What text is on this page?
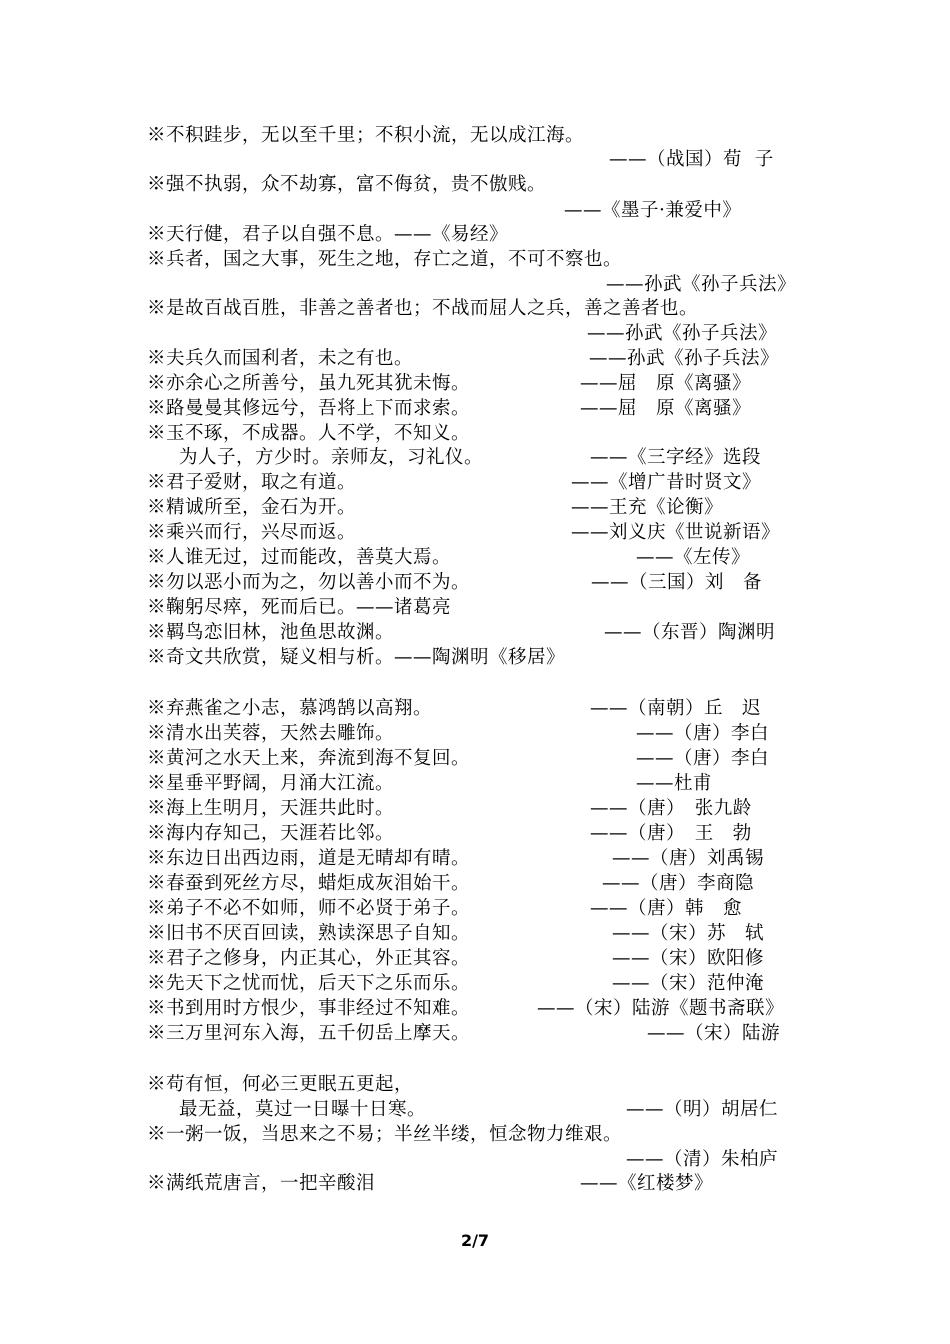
※不积跬步，无以至千里；不积小流，无以成江海。
——（战国）荀  子
※强不执弱，众不劫寡，富不侮贫，贵不傲贱。
——《墨子·兼爱中》
※天行健，君子以自强不息。——《易经》
※兵者，国之大事，死生之地，存亡之道，不可不察也。
——孙武《孙子兵法》
※是故百战百胜，非善之善者也；不战而屈人之兵，善之善者也。
——孙武《孙子兵法》
※夫兵久而国利者，未之有也。	——孙武《孙子兵法》
※亦余心之所善兮，虽九死其犹未悔。	——屈　原《离骚》
※路曼曼其修远兮，吾将上下而求索。	——屈　原《离骚》
※玉不琢，不成器。人不学，不知义。
为人子，方少时。亲师友，习礼仪。	——《三字经》选段
※君子爱财，取之有道。	——《增广昔时贤文》
※精诚所至，金石为开。	——王充《论衡》
※乘兴而行，兴尽而返。	——刘义庆《世说新语》
※人谁无过，过而能改，善莫大焉。	——《左传》
※勿以恶小而为之，勿以善小而不为。	——（三国）刘　备
※鞠躬尽瘁，死而后已。——诸葛亮
※羁鸟恋旧林，池鱼思故渊。	——（东晋）陶渊明
※奇文共欣赏，疑义相与析。——陶渊明《移居》
※弃燕雀之小志，慕鸿鹄以高翔。	——（南朝）丘　迟
※清水出芙蓉，天然去雕饰。	——（唐）李白
※黄河之水天上来，奔流到海不复回。	——（唐）李白
※星垂平野阔，月涌大江流。	——杜甫
※海上生明月，天涯共此时。	——（唐）　张九龄
※海内存知己，天涯若比邻。	——（唐）　王　勃
※东边日出西边雨，道是无晴却有晴。	——（唐）刘禹锡
※春蚕到死丝方尽，蜡炬成灰泪始干。	——（唐）李商隐
※弟子不必不如师，师不必贤于弟子。	——（唐）韩　愈
※旧书不厌百回读，熟读深思子自知。	——（宋）苏　轼
※君子之修身，内正其心，外正其容。	——（宋）欧阳修
※先天下之忧而忧，后天下之乐而乐。	——（宋）范仲淹
※书到用时方恨少，事非经过不知难。	——（宋）陆游《题书斋联》
※三万里河东入海，五千仞岳上摩天。	——（宋）陆游
※苟有恒，何必三更眠五更起，
最无益，莫过一日曝十日寒。	——（明）胡居仁
※一粥一饭，当思来之不易；半丝半缕，恒念物力维艰。
——（清）朱柏庐
※满纸荒唐言，一把辛酸泪	——《红楼梦》
2/7
